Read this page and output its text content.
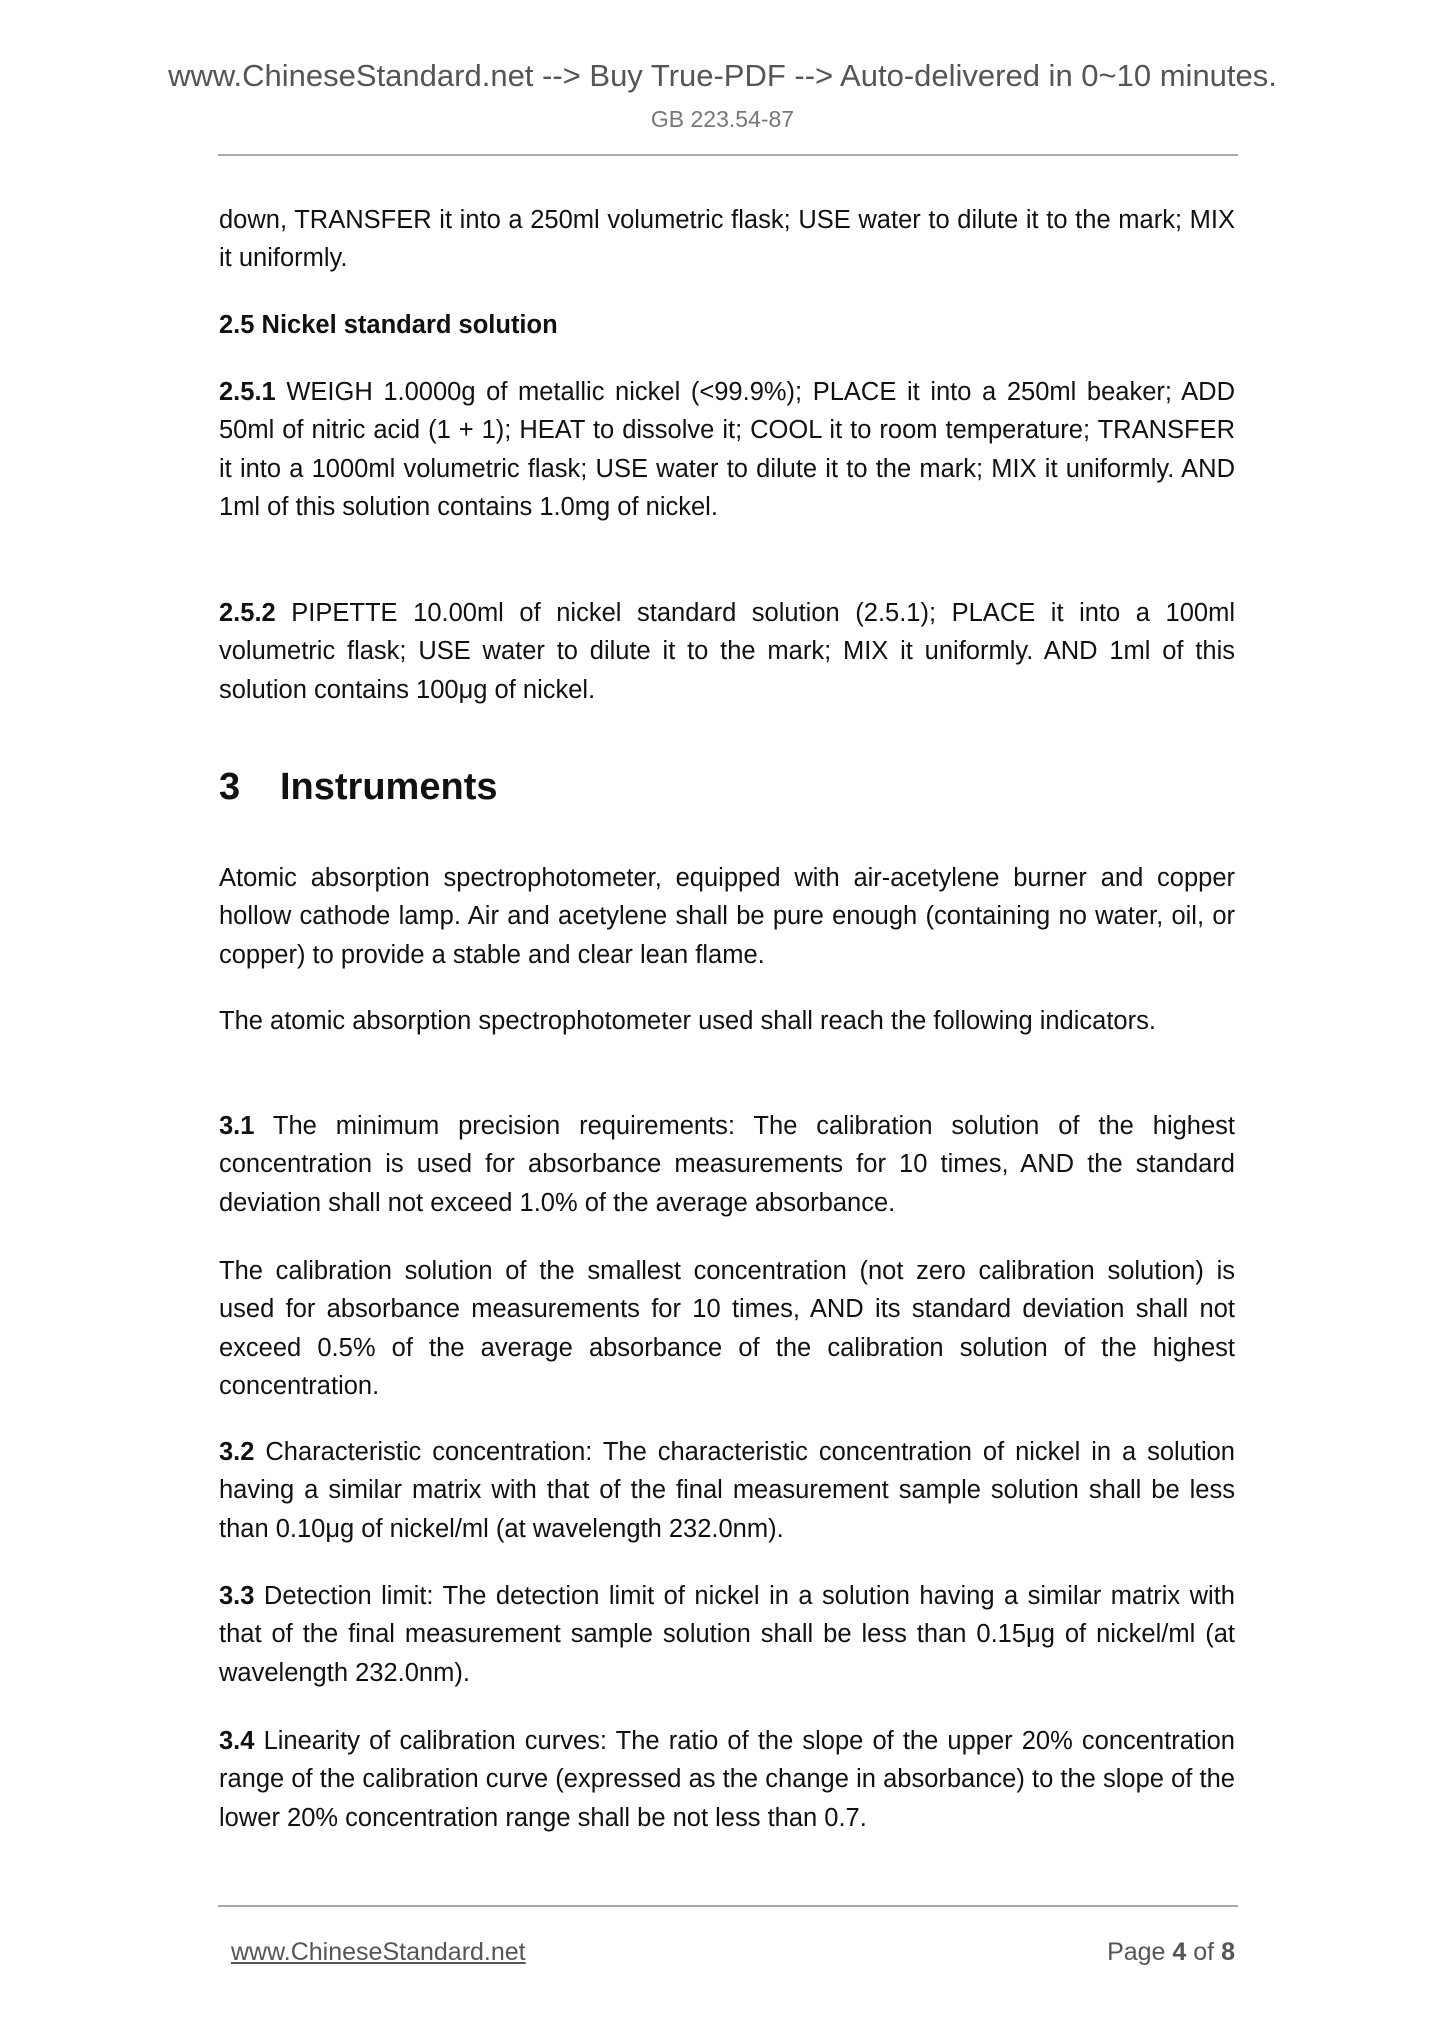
www.ChineseStandard.net --> Buy True-PDF --> Auto-delivered in 0~10 minutes.
GB 223.54-87
down, TRANSFER it into a 250ml volumetric flask; USE water to dilute it to the mark; MIX it uniformly.
2.5 Nickel standard solution
2.5.1 WEIGH 1.0000g of metallic nickel (<99.9%); PLACE it into a 250ml beaker; ADD 50ml of nitric acid (1 + 1); HEAT to dissolve it; COOL it to room temperature; TRANSFER it into a 1000ml volumetric flask; USE water to dilute it to the mark; MIX it uniformly. AND 1ml of this solution contains 1.0mg of nickel.
2.5.2 PIPETTE 10.00ml of nickel standard solution (2.5.1); PLACE it into a 100ml volumetric flask; USE water to dilute it to the mark; MIX it uniformly. AND 1ml of this solution contains 100μg of nickel.
3 Instruments
Atomic absorption spectrophotometer, equipped with air-acetylene burner and copper hollow cathode lamp. Air and acetylene shall be pure enough (containing no water, oil, or copper) to provide a stable and clear lean flame.
The atomic absorption spectrophotometer used shall reach the following indicators.
3.1 The minimum precision requirements: The calibration solution of the highest concentration is used for absorbance measurements for 10 times, AND the standard deviation shall not exceed 1.0% of the average absorbance.
The calibration solution of the smallest concentration (not zero calibration solution) is used for absorbance measurements for 10 times, AND its standard deviation shall not exceed 0.5% of the average absorbance of the calibration solution of the highest concentration.
3.2 Characteristic concentration: The characteristic concentration of nickel in a solution having a similar matrix with that of the final measurement sample solution shall be less than 0.10μg of nickel/ml (at wavelength 232.0nm).
3.3 Detection limit: The detection limit of nickel in a solution having a similar matrix with that of the final measurement sample solution shall be less than 0.15μg of nickel/ml (at wavelength 232.0nm).
3.4 Linearity of calibration curves: The ratio of the slope of the upper 20% concentration range of the calibration curve (expressed as the change in absorbance) to the slope of the lower 20% concentration range shall be not less than 0.7.
www.ChineseStandard.net	Page 4 of 8
